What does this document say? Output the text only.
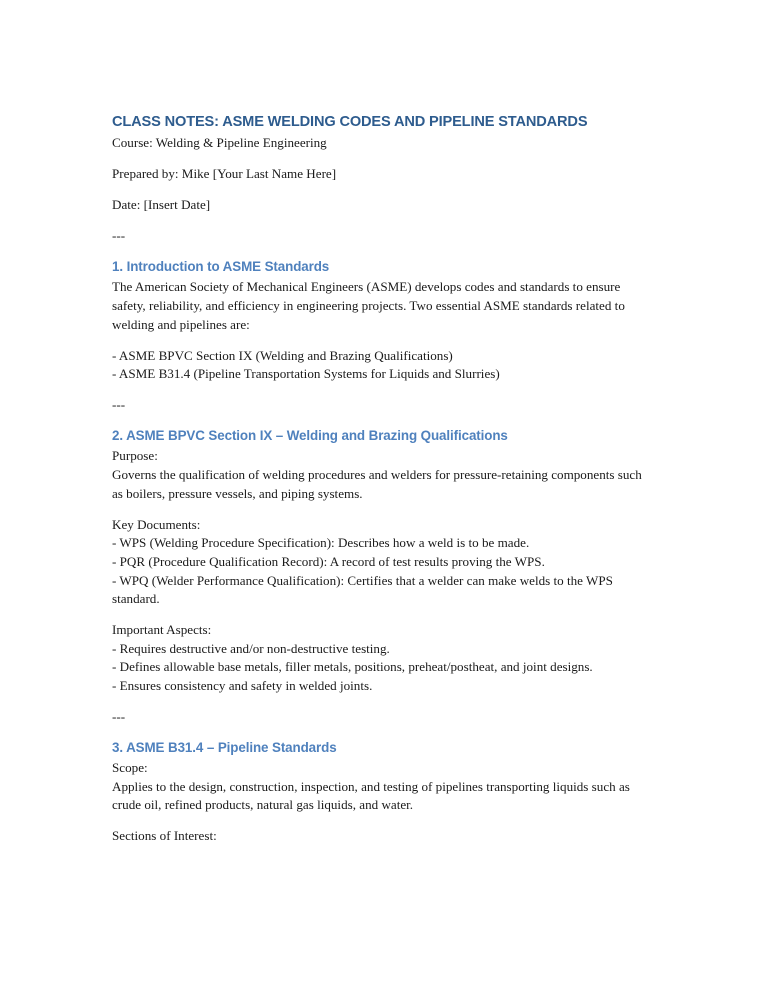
CLASS NOTES: ASME WELDING CODES AND PIPELINE STANDARDS

Course: Welding & Pipeline Engineering

Prepared by: Mike [Your Last Name Here]

Date: [Insert Date]

---

1. Introduction to ASME Standards

The American Society of Mechanical Engineers (ASME) develops codes and standards to ensure safety, reliability, and efficiency in engineering projects. Two essential ASME standards related to welding and pipelines are:

- ASME BPVC Section IX (Welding and Brazing Qualifications)

- ASME B31.4 (Pipeline Transportation Systems for Liquids and Slurries)

---

2. ASME BPVC Section IX – Welding and Brazing Qualifications

Purpose:

Governs the qualification of welding procedures and welders for pressure-retaining components such as boilers, pressure vessels, and piping systems.

Key Documents:

- WPS (Welding Procedure Specification): Describes how a weld is to be made.

- PQR (Procedure Qualification Record): A record of test results proving the WPS.

- WPQ (Welder Performance Qualification): Certifies that a welder can make welds to the WPS standard.

Important Aspects:

- Requires destructive and/or non-destructive testing.

- Defines allowable base metals, filler metals, positions, preheat/postheat, and joint designs.

- Ensures consistency and safety in welded joints.

---

3. ASME B31.4 – Pipeline Standards

Scope:

Applies to the design, construction, inspection, and testing of pipelines transporting liquids such as crude oil, refined products, natural gas liquids, and water.

Sections of Interest:
